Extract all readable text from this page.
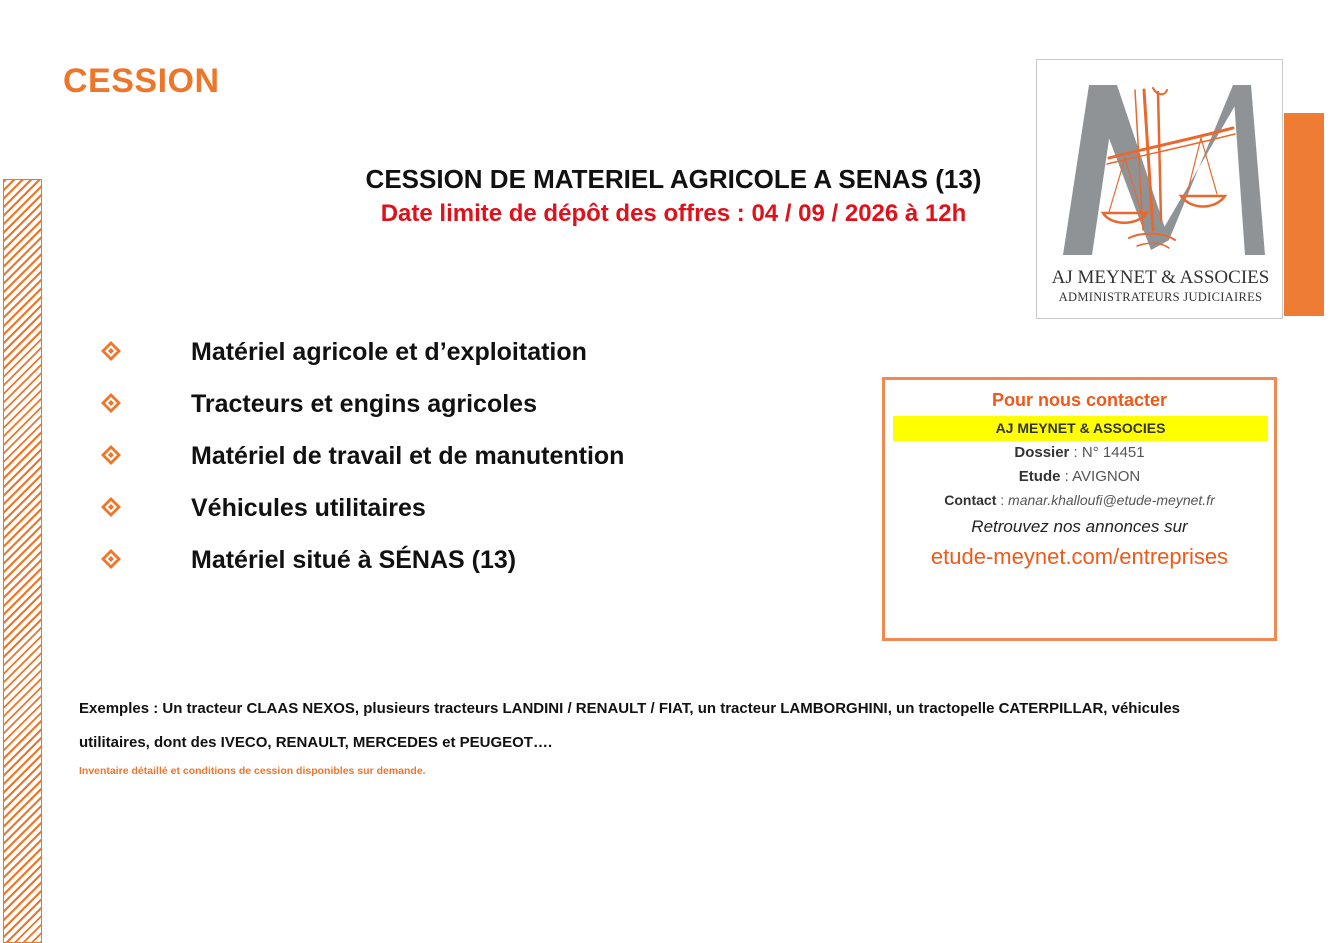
CESSION
AJ MEYNET & ASSOCIES
ADMINISTRATEURS JUDICIAIRES
CESSION DE MATERIEL AGRICOLE A SENAS (13)

Date limite de dépôt des offres : 04 / 09 / 2026 à 12h

Matériel agricole et d’exploitation
Tracteurs et engins agricoles
Matériel de travail et de manutention
Véhicules utilitaires
Matériel situé à SÉNAS (13)
Pour nous contacter
AJ MEYNET & ASSOCIES
Dossier : N° 14451
Etude : AVIGNON
Contact : manar.khalloufi@etude-meynet.fr
Retrouvez nos annonces sur
etude-meynet.com/entreprises

Exemples : Un tracteur CLAAS NEXOS, plusieurs tracteurs LANDINI / RENAULT / FIAT, un tracteur LAMBORGHINI, un tractopelle CATERPILLAR, véhicules utilitaires, dont des IVECO, RENAULT, MERCEDES et PEUGEOT….

Inventaire détaillé et conditions de cession disponibles sur demande.
